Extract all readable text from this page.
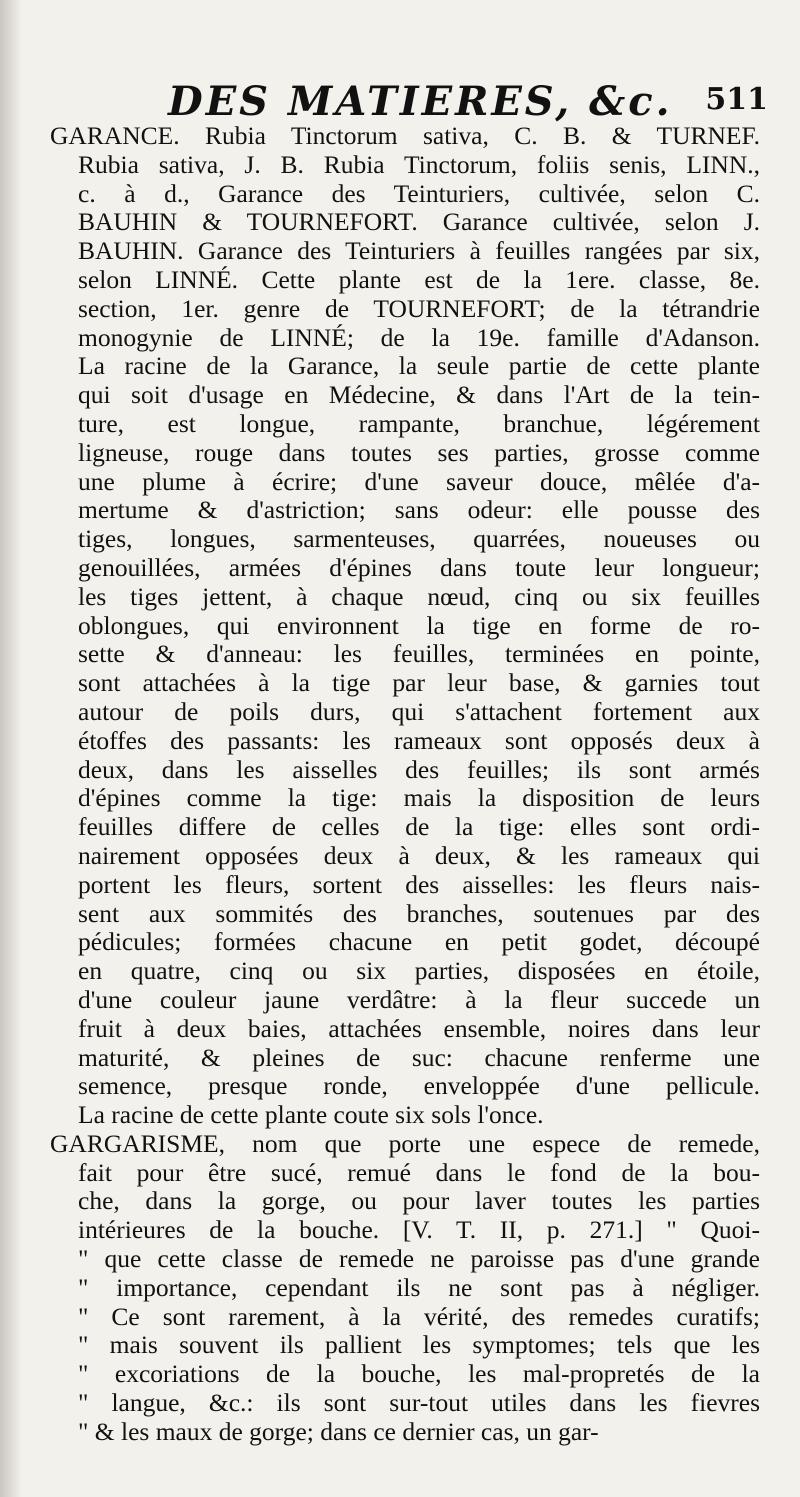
DES MATIERES, &c. 511
GARANCE. Rubia Tinctorum sativa, C. B. & TURNEF.
Rubia sativa, J. B. Rubia Tinctorum, foliis senis, LINN.,
c. à d., Garance des Teinturiers, cultivée, selon C.
BAUHIN & TOURNEFORT. Garance cultivée, selon J.
BAUHIN. Garance des Teinturiers à feuilles rangées par six,
selon LINNÉ. Cette plante est de la 1ere. classe, 8e.
section, 1er. genre de TOURNEFORT; de la tétrandrie
monogynie de LINNÉ; de la 19e. famille d'Adanson.
La racine de la Garance, la seule partie de cette plante
qui soit d'usage en Médecine, & dans l'Art de la tein-
ture, est longue, rampante, branchue, légérement
ligneuse, rouge dans toutes ses parties, grosse comme
une plume à écrire; d'une saveur douce, mêlée d'a-
mertume & d'astriction; sans odeur: elle pousse des
tiges, longues, sarmenteuses, quarrées, noueuses ou
genouillées, armées d'épines dans toute leur longueur;
les tiges jettent, à chaque nœud, cinq ou six feuilles
oblongues, qui environnent la tige en forme de ro-
sette & d'anneau: les feuilles, terminées en pointe,
sont attachées à la tige par leur base, & garnies tout
autour de poils durs, qui s'attachent fortement aux
étoffes des passants: les rameaux sont opposés deux à
deux, dans les aisselles des feuilles; ils sont armés
d'épines comme la tige: mais la disposition de leurs
feuilles differe de celles de la tige: elles sont ordi-
nairement opposées deux à deux, & les rameaux qui
portent les fleurs, sortent des aisselles: les fleurs nais-
sent aux sommités des branches, soutenues par des
pédicules; formées chacune en petit godet, découpé
en quatre, cinq ou six parties, disposées en étoile,
d'une couleur jaune verdâtre: à la fleur succede un
fruit à deux baies, attachées ensemble, noires dans leur
maturité, & pleines de suc: chacune renferme une
semence, presque ronde, enveloppée d'une pellicule.
La racine de cette plante coute six sols l'once.
GARGARISME, nom que porte une espece de remede,
fait pour être sucé, remué dans le fond de la bou-
che, dans la gorge, ou pour laver toutes les parties
intérieures de la bouche. [V. T. II, p. 271.] " Quoi-
" que cette classe de remede ne paroisse pas d'une grande
" importance, cependant ils ne sont pas à négliger.
" Ce sont rarement, à la vérité, des remedes curatifs;
" mais souvent ils pallient les symptomes; tels que les
" excoriations de la bouche, les mal-propretés de la
" langue, &c.: ils sont sur-tout utiles dans les fievres
" & les maux de gorge; dans ce dernier cas, un gar-
